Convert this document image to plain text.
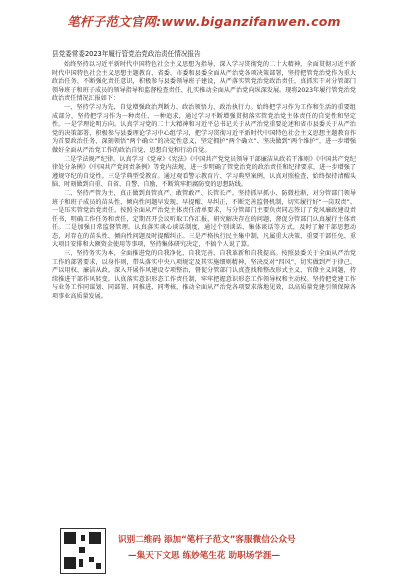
笔杆子范文官网:www.biganzifanwen.com
县党委常委2023年履行管党治党政治责任情况报告

始终坚持以习近平新时代中国特色社会主义思想为指导，深入学习贯彻党的二十大精神，全面贯彻习近平新时代中国特色社会主义思想主题教育、省委、市委和县委全面从严治党各项决策部署，坚持把管党治党作为重大政治任务，不断强化责任意识，积极参与县委领导班子建设，从严落实管党治党政治责任，真抓实干对分管部门领导班子和班子成员的领导指导和监督检查责任，扎实推动全面从严治党向纵深发展。现将2023年履行管党治党政治责任情况汇报如下：

一、坚持学习为先，自觉增强政治判断力、政治领悟力、政治执行力。始终把学习作为工作和生活的重要组成部分，坚持把学习作为一种责任、一种追求，通过学习不断增强贯彻落实管党治党主体责任的自觉性和坚定性。一是学理论明方向。认真学习党的二十大精神和习近平总书记关于从严治党重要论述和省市县委关于从严治党的决策部署，积极参与县委理论学习中心组学习，把学习贯彻习近平新时代中国特色社会主义思想主题教育作为首要政治任务，深刻领悟“两个确立”的决定性意义，坚定拥护“两个确立”、坚决做到“两个维护”，进一步增强做好全面从严治党工作的政治自觉、思想自觉和行动自觉。

二是学法规严纪律。认真学习《党章》《宪法》《中国共产党党员领导干部廉洁从政若干准则》《中国共产党纪律处分条例》《中国共产党问责条例》等党内法规，进一步明确了管党治党的政治责任和纪律要求，进一步增强了遵规守纪的自觉性。三是学典型受教育。通过观看警示教育片、学习典型案例，认真对照检查，始终保持清醒头脑，时刻做到自重、自省、自警、自励，不断筑牢拒腐防变的思想防线。

二、坚持严管为主，真正做到真管真严、敢管敢严、长管长严。坚持抓早抓小、防微杜渐，对分管部门领导班子和班子成员的苗头性、倾向性问题早发现、早提醒、早纠正，不断完善监督机制，切实履行好“一岗双责”。一是压实管党治党责任。按照全面从严治党主体责任清单要求，与分管部门主要负责同志签订了党风廉政建设责任书，明确工作任务和责任，定期召开会议听取工作汇报，研究解决存在的问题，督促分管部门认真履行主体责任。二是加强日常监督管理。认真落实谈心谈话制度，通过个别谈话、集体谈话等方式，及时了解干部思想动态，对存在的苗头性、倾向性问题及时提醒纠正。三是严格执行民主集中制，凡属重大决策、重要干部任免、重大项目安排和大额资金使用等事项，坚持集体研究决定，不搞个人说了算。

三、坚持务实为本，全面推进党的自我净化、自我完善、自我革新和自我提高。按照县委关于全面从严治党工作的部署要求，以身作则，带头落实中央八项规定及其实施细则精神，坚决反对“四风”，切实做到严于律己、严以用权、廉洁从政。深入开展作风建设专项整治，督促分管部门认真查找和整改形式主义、官僚主义问题，持续推进干部作风转变。认真落实意识形态工作责任制，牢牢把握意识形态工作领导权和主动权。坚持把党建工作与业务工作同谋划、同部署、同推进、同考核，推动全面从严治党各项要求落地见效，以高质量党建引领保障各项事业高质量发展。

识别二维码 添加“笔杆子范文”客服微信公众号
—集天下文思 练妙笔生花 助职场学涯—
